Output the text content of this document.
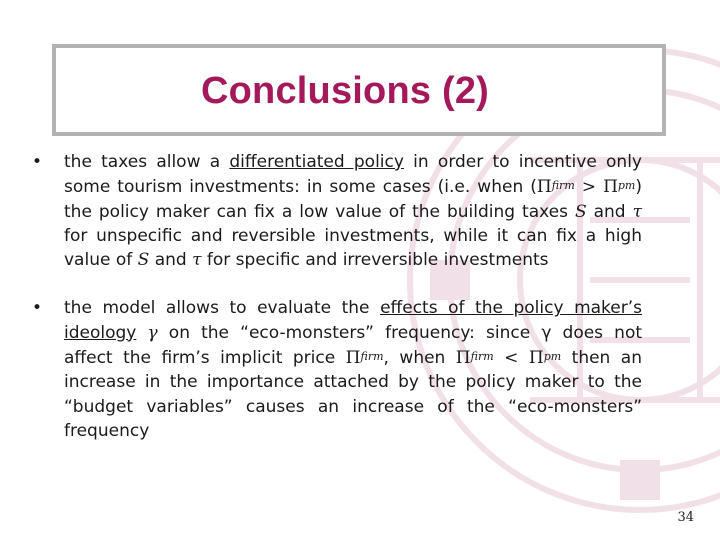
Conclusions (2)
• the taxes allow a differentiated policy in order to incentive only some tourism investments: in some cases (i.e. when $(\Pi^{firm} > \Pi^{pm})$ the policy maker can fix a low value of the building taxes S and τ for unspecific and reversible investments, while it can fix a high value of S and τ for specific and irreversible investments
• the model allows to evaluate the effects of the policy maker’s ideology γ on the “eco-monsters” frequency: since γ does not affect the firm’s implicit price $\Pi^{firm}$, when $\Pi^{firm} < \Pi^{pm}$ then an increase in the importance attached by the policy maker to the “budget variables” causes an increase of the “eco-monsters” frequency
34
